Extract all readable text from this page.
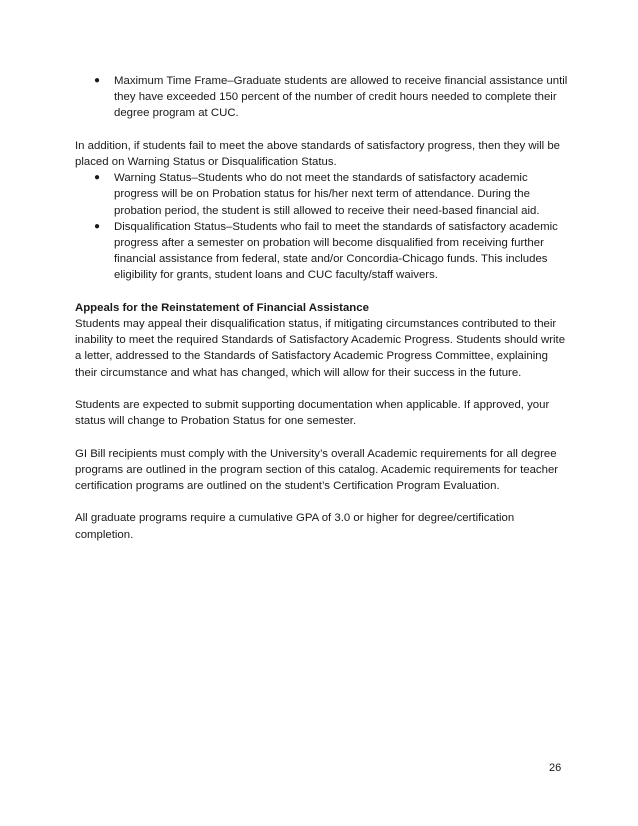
● Maximum Time Frame–Graduate students are allowed to receive financial assistance until they have exceeded 150 percent of the number of credit hours needed to complete their degree program at CUC.

In addition, if students fail to meet the above standards of satisfactory progress, then they will be placed on Warning Status or Disqualification Status.

● Warning Status–Students who do not meet the standards of satisfactory academic progress will be on Probation status for his/her next term of attendance. During the probation period, the student is still allowed to receive their need-based financial aid.
● Disqualification Status–Students who fail to meet the standards of satisfactory academic progress after a semester on probation will become disqualified from receiving further financial assistance from federal, state and/or Concordia-Chicago funds. This includes eligibility for grants, student loans and CUC faculty/staff waivers.

Appeals for the Reinstatement of Financial Assistance

Students may appeal their disqualification status, if mitigating circumstances contributed to their inability to meet the required Standards of Satisfactory Academic Progress. Students should write a letter, addressed to the Standards of Satisfactory Academic Progress Committee, explaining their circumstance and what has changed, which will allow for their success in the future.

Students are expected to submit supporting documentation when applicable. If approved, your status will change to Probation Status for one semester.

GI Bill recipients must comply with the University’s overall Academic requirements for all degree programs are outlined in the program section of this catalog. Academic requirements for teacher certification programs are outlined on the student’s Certification Program Evaluation.

All graduate programs require a cumulative GPA of 3.0 or higher for degree/certification completion.

26
